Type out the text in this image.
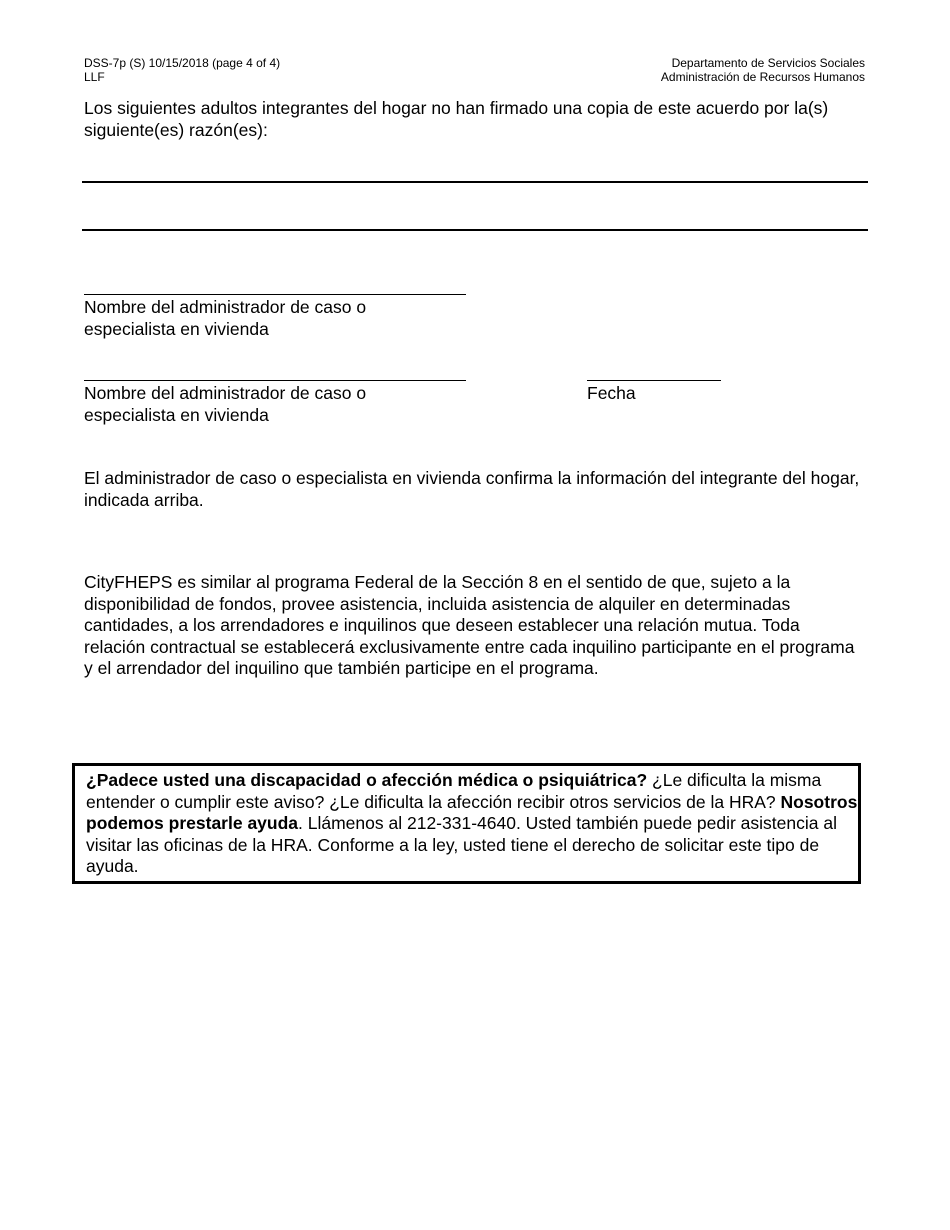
DSS-7p (S) 10/15/2018 (page 4 of 4)
LLF
Departamento de Servicios Sociales
Administración de Recursos Humanos
Los siguientes adultos integrantes del hogar no han firmado una copia de este acuerdo por la(s) siguiente(es) razón(es):
Nombre del administrador de caso o
especialista en vivienda
Nombre del administrador de caso o
especialista en vivienda
Fecha
El administrador de caso o especialista en vivienda confirma la información del integrante del hogar, indicada arriba.
CityFHEPS es similar al programa Federal de la Sección 8 en el sentido de que, sujeto a la disponibilidad de fondos, provee asistencia, incluida asistencia de alquiler en determinadas cantidades, a los arrendadores e inquilinos que deseen establecer una relación mutua. Toda relación contractual se establecerá exclusivamente entre cada inquilino participante en el programa y el arrendador del inquilino que también participe en el programa.
¿Padece usted una discapacidad o afección médica o psiquiátrica? ¿Le dificulta la misma entender o cumplir este aviso? ¿Le dificulta la afección recibir otros servicios de la HRA? Nosotros podemos prestarle ayuda. Llámenos al 212-331-4640. Usted también puede pedir asistencia al visitar las oficinas de la HRA. Conforme a la ley, usted tiene el derecho de solicitar este tipo de ayuda.
